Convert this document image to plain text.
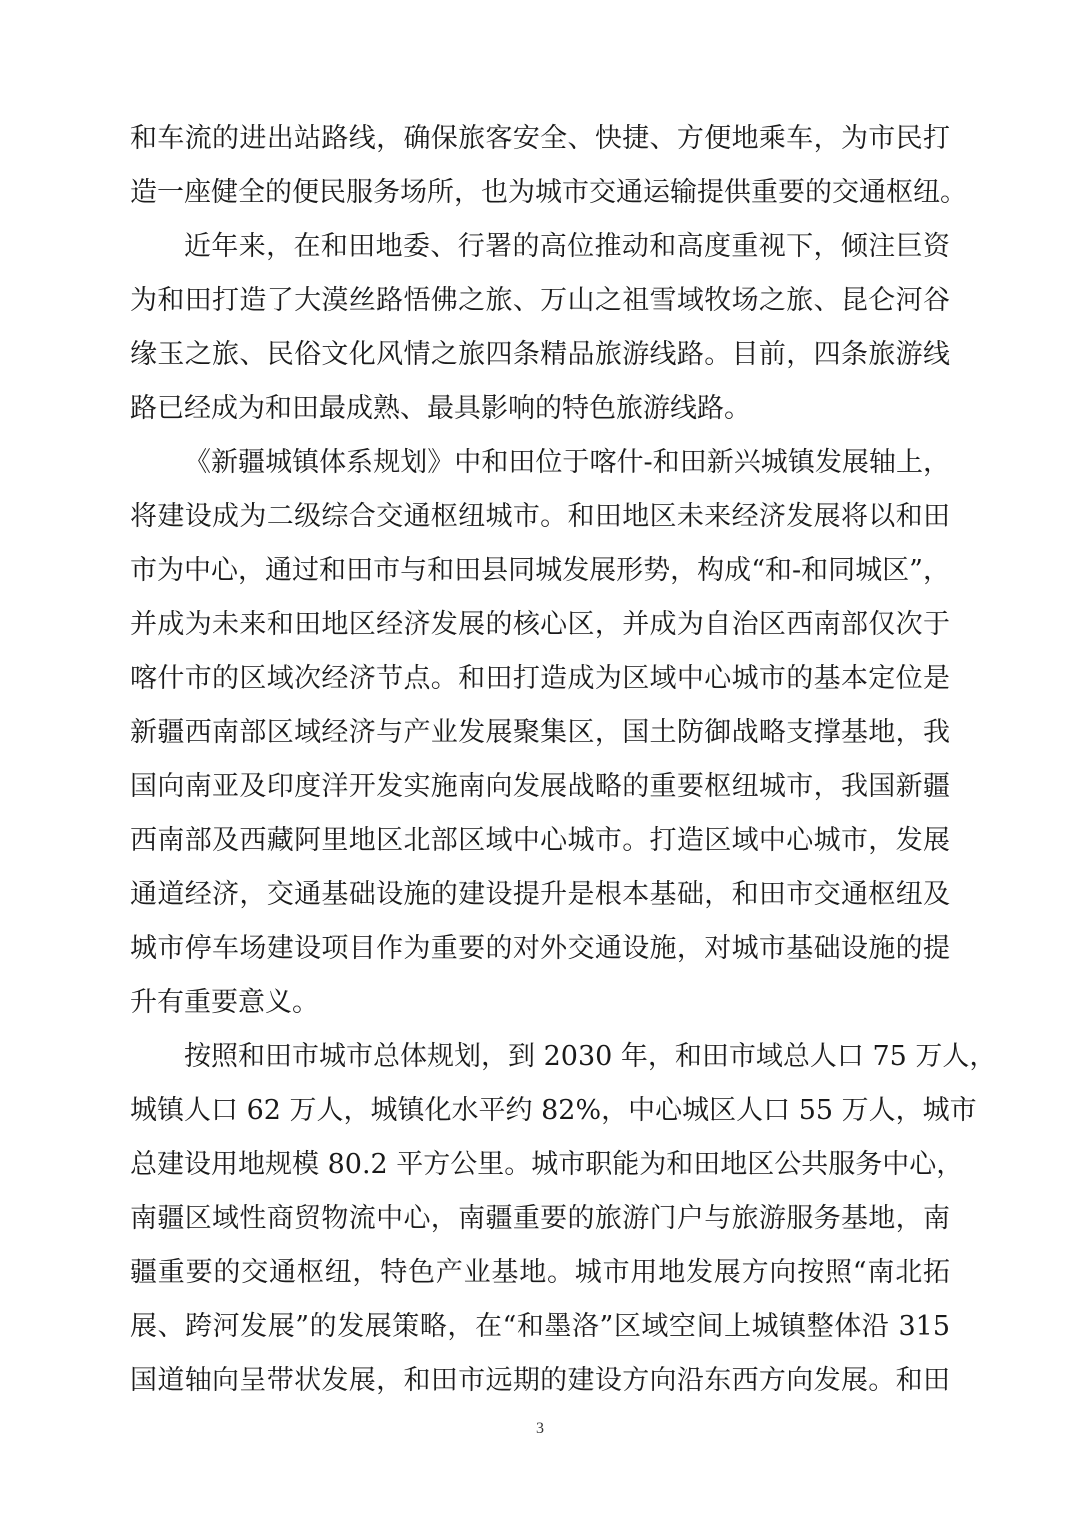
和车流的进出站路线，确保旅客安全、快捷、方便地乘车，为市民打
造一座健全的便民服务场所，也为城市交通运输提供重要的交通枢纽。
近年来，在和田地委、行署的高位推动和高度重视下，倾注巨资
为和田打造了大漠丝路悟佛之旅、万山之祖雪域牧场之旅、昆仑河谷
缘玉之旅、民俗文化风情之旅四条精品旅游线路。目前，四条旅游线
路已经成为和田最成熟、最具影响的特色旅游线路。
《新疆城镇体系规划》中和田位于喀什-和田新兴城镇发展轴上，
将建设成为二级综合交通枢纽城市。和田地区未来经济发展将以和田
市为中心，通过和田市与和田县同城发展形势，构成“和-和同城区”，
并成为未来和田地区经济发展的核心区，并成为自治区西南部仅次于
喀什市的区域次经济节点。和田打造成为区域中心城市的基本定位是
新疆西南部区域经济与产业发展聚集区，国土防御战略支撑基地，我
国向南亚及印度洋开发实施南向发展战略的重要枢纽城市，我国新疆
西南部及西藏阿里地区北部区域中心城市。打造区域中心城市，发展
通道经济，交通基础设施的建设提升是根本基础，和田市交通枢纽及
城市停车场建设项目作为重要的对外交通设施，对城市基础设施的提
升有重要意义。
按照和田市城市总体规划，到 2030 年，和田市域总人口 75 万人，
城镇人口 62 万人，城镇化水平约 82%，中心城区人口 55 万人，城市
总建设用地规模 80.2 平方公里。城市职能为和田地区公共服务中心，
南疆区域性商贸物流中心，南疆重要的旅游门户与旅游服务基地，南
疆重要的交通枢纽，特色产业基地。城市用地发展方向按照“南北拓
展、跨河发展”的发展策略，在“和墨洛”区域空间上城镇整体沿 315
国道轴向呈带状发展，和田市远期的建设方向沿东西方向发展。和田
3
